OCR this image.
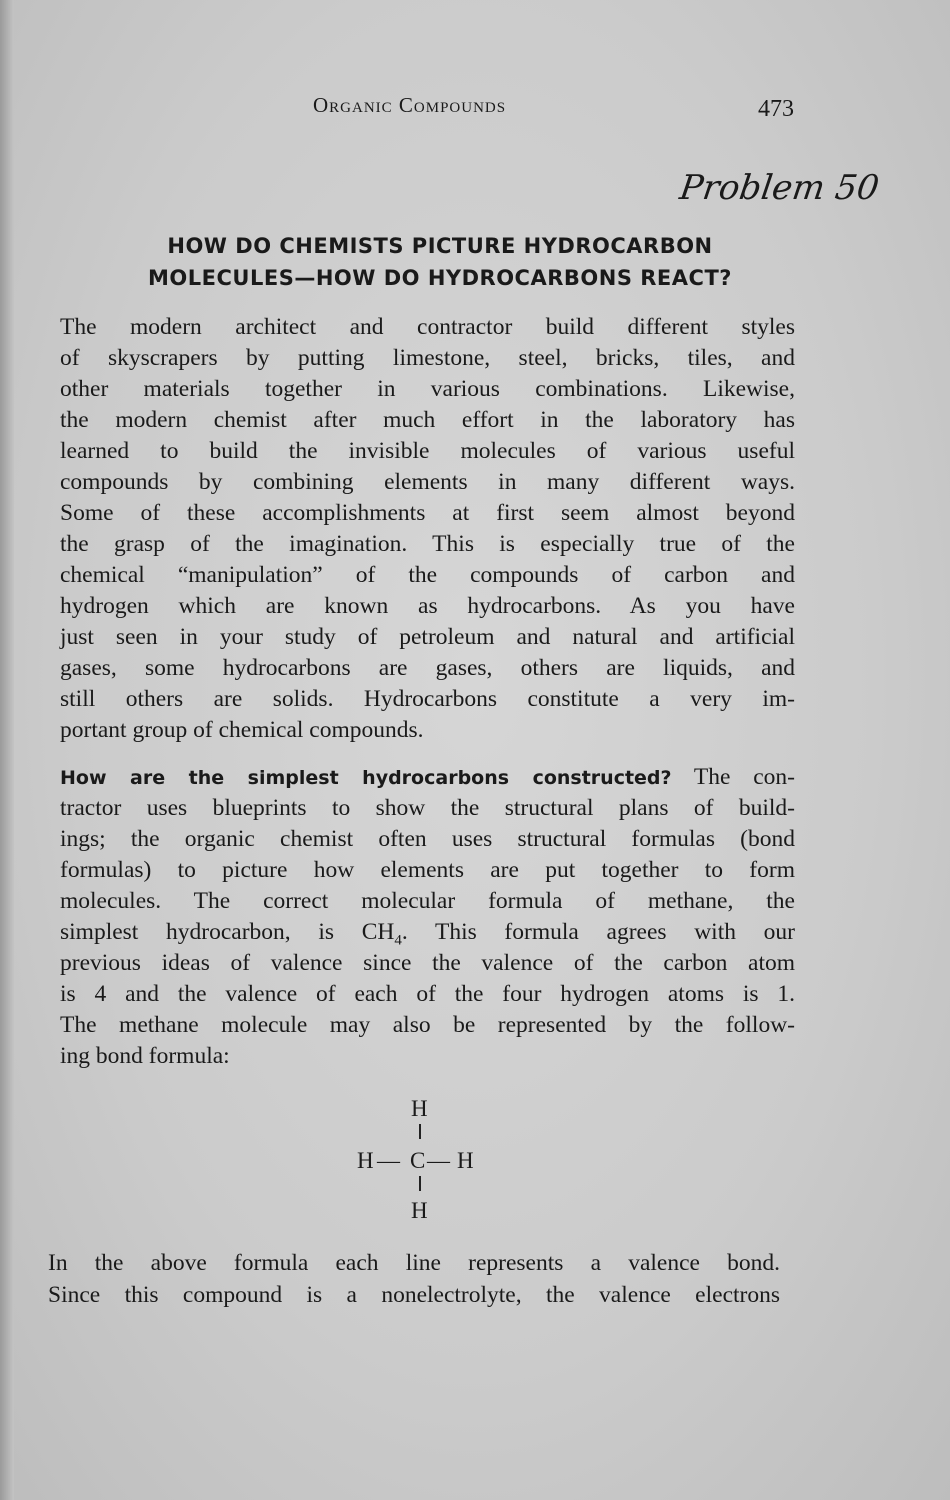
Organic Compounds	473
Problem 50
HOW DO CHEMISTS PICTURE HYDROCARBON
MOLECULES—HOW DO HYDROCARBONS REACT?
The modern architect and contractor build different styles
of skyscrapers by putting limestone, steel, bricks, tiles, and
other materials together in various combinations. Likewise,
the modern chemist after much effort in the laboratory has
learned to build the invisible molecules of various useful
compounds by combining elements in many different ways.
Some of these accomplishments at first seem almost beyond
the grasp of the imagination. This is especially true of the
chemical “manipulation” of the compounds of carbon and
hydrogen which are known as hydrocarbons. As you have
just seen in your study of petroleum and natural and artificial
gases, some hydrocarbons are gases, others are liquids, and
still others are solids. Hydrocarbons constitute a very im-
portant group of chemical compounds.
How are the simplest hydrocarbons constructed? The con-
tractor uses blueprints to show the structural plans of build-
ings; the organic chemist often uses structural formulas (bond
formulas) to picture how elements are put together to form
molecules. The correct molecular formula of methane, the
simplest hydrocarbon, is $CH_4$. This formula agrees with our
previous ideas of valence since the valence of the carbon atom
is 4 and the valence of each of the four hydrogen atoms is 1.
The methane molecule may also be represented by the follow-
ing bond formula:
H
H — C — H
H
In the above formula each line represents a valence bond.
Since this compound is a nonelectrolyte, the valence electrons
